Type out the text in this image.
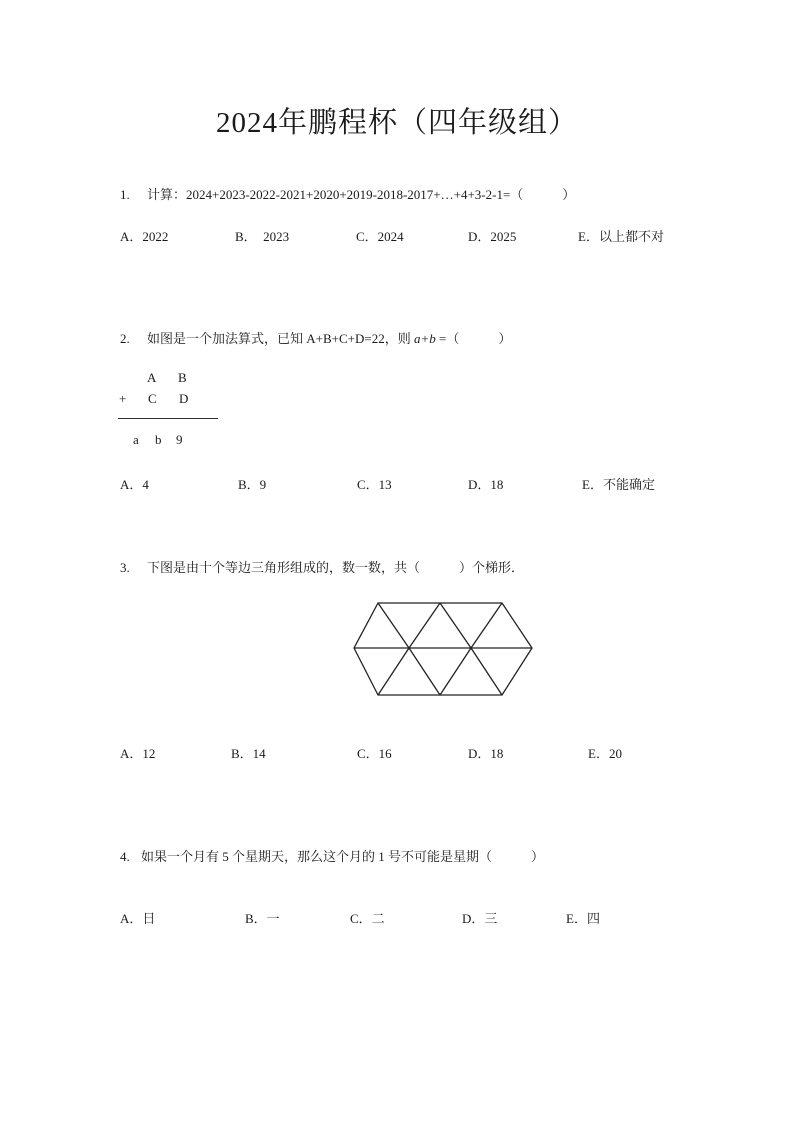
2024年鹏程杯（四年级组）
1. 计算：2024+2023-2022-2021+2020+2019-2018-2017+…+4+3-2-1=（　　　）
A．2022	B．　2023	C．2024	D．2025	E．以上都不对
2. 如图是一个加法算式，已知 A+B+C+D=22，则 a+b =（　　　）
A B
+ C D
a b 9
A．4	B．9	C．13	D．18	E．不能确定
3. 下图是由十个等边三角形组成的，数一数，共（　　　）个梯形．
A．12	B．14	C．16	D．18	E．20
4. 如果一个月有 5 个星期天，那么这个月的 1 号不可能是星期（　　　）
A．日	B．一	C．二	D．三	E．四
